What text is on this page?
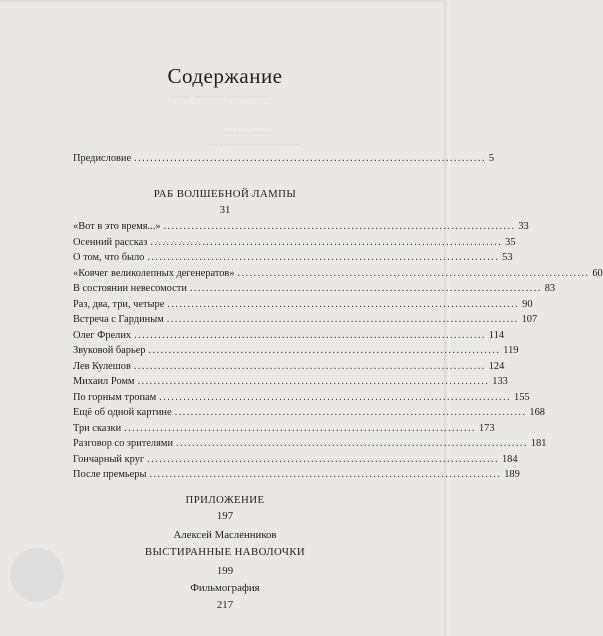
~~~~ ~~~~~~ ~~~~~~~~
~~~~~ ~~~~
~~~~~~~~~~~~~~~~~~
Содержание
Предисловие ........................................................................................ 5
РАБ ВОЛШЕБНОЙ ЛАМПЫ
31
«Вот в это время...» ........................................................................................ 33
Осенний рассказ ........................................................................................ 35
О том, что было ........................................................................................ 53
«Ковчег великолепных дегенератов» ........................................................................................ 60
В состоянии невесомости ........................................................................................ 83
Раз, два, три, четыре ........................................................................................ 90
Встреча с Гардиным ........................................................................................ 107
Олег Фрелих ........................................................................................ 114
Звуковой барьер ........................................................................................ 119
Лев Кулешов ........................................................................................ 124
Михаил Ромм ........................................................................................ 133
По горным тропам ........................................................................................ 155
Ещё об одной картине ........................................................................................ 168
Три сказки ........................................................................................ 173
Разговор со зрителями ........................................................................................ 181
Гончарный круг ........................................................................................ 184
После премьеры ........................................................................................ 189
ПРИЛОЖЕНИЕ
197
Алексей Масленников
ВЫСТИРАННЫЕ НАВОЛОЧКИ
199
Фильмография
217
